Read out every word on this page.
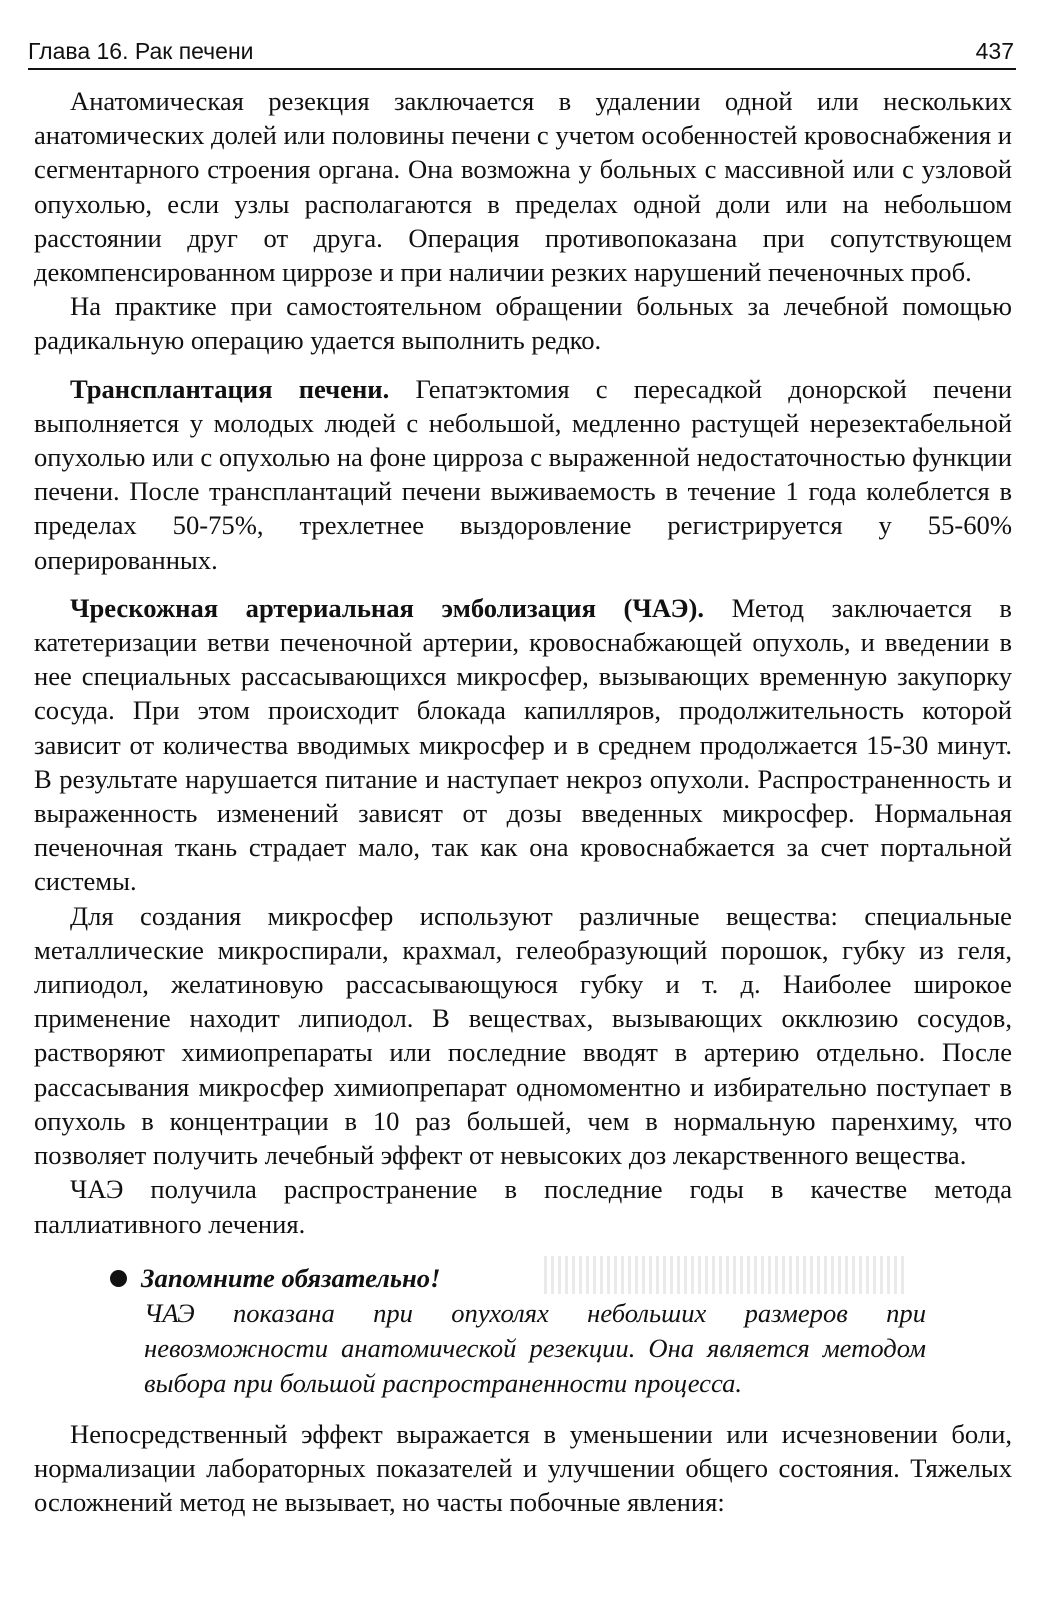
Глава 16. Рак печени	437

Анатомическая резекция заключается в удалении одной или нескольких анатомических долей или половины печени с учетом особенностей кровоснабжения и сегментарного строения органа. Она возможна у больных с массивной или с узловой опухолью, если узлы располагаются в пределах одной доли или на небольшом расстоянии друг от друга. Операция противопоказана при сопутствующем декомпенсированном циррозе и при наличии резких нарушений печеночных проб.

На практике при самостоятельном обращении больных за лечебной помощью радикальную операцию удается выполнить редко.

Трансплантация печени. Гепатэктомия с пересадкой донорской печени выполняется у молодых людей с небольшой, медленно растущей нерезектабельной опухолью или с опухолью на фоне цирроза с выраженной недостаточностью функции печени. После трансплантаций печени выживаемость в течение 1 года колеблется в пределах 50-75%, трехлетнее выздоровление регистрируется у 55-60% оперированных.

Чрескожная артериальная эмболизация (ЧАЭ). Метод заключается в катетеризации ветви печеночной артерии, кровоснабжающей опухоль, и введении в нее специальных рассасывающихся микросфер, вызывающих временную закупорку сосуда. При этом происходит блокада капилляров, продолжительность которой зависит от количества вводимых микросфер и в среднем продолжается 15-30 минут. В результате нарушается питание и наступает некроз опухоли. Распространенность и выраженность изменений зависят от дозы введенных микросфер. Нормальная печеночная ткань страдает мало, так как она кровоснабжается за счет портальной системы.

Для создания микросфер используют различные вещества: специальные металлические микроспирали, крахмал, гелеобразующий порошок, губку из геля, липиодол, желатиновую рассасывающуюся губку и т. д. Наиболее широкое применение находит липиодол. В веществах, вызывающих окклюзию сосудов, растворяют химиопрепараты или последние вводят в артерию отдельно. После рассасывания микросфер химиопрепарат одномоментно и избирательно поступает в опухоль в концентрации в 10 раз большей, чем в нормальную паренхиму, что позволяет получить лечебный эффект от невысоких доз лекарственного вещества.

ЧАЭ получила распространение в последние годы в качестве метода паллиативного лечения.

Запомните обязательно!
ЧАЭ показана при опухолях небольших размеров при невозможности анатомической резекции. Она является методом выбора при большой распространенности процесса.

Непосредственный эффект выражается в уменьшении или исчезновении боли, нормализации лабораторных показателей и улучшении общего состояния. Тяжелых осложнений метод не вызывает, но часты побочные явления:
